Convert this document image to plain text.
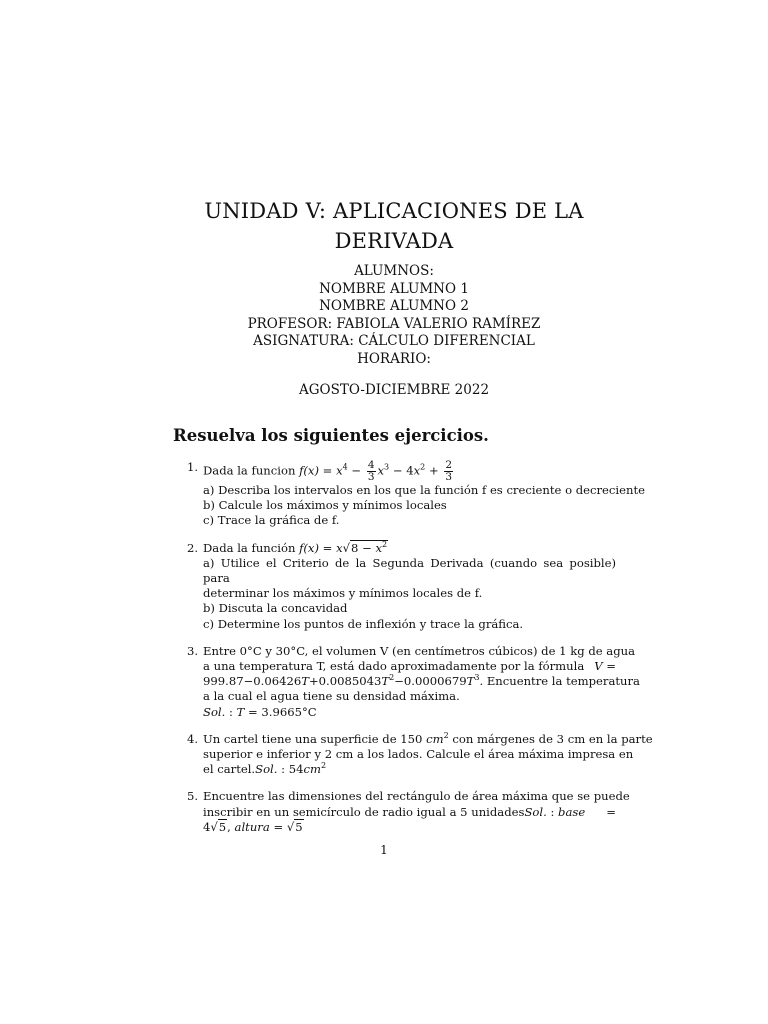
UNIDAD V: APLICACIONES DE LA
DERIVADA
ALUMNOS:
NOMBRE ALUMNO 1
NOMBRE ALUMNO 2
PROFESOR: FABIOLA VALERIO RAMÍREZ
ASIGNATURA: CÁLCULO DIFERENCIAL
HORARIO:
AGOSTO-DICIEMBRE 2022
Resuelva los siguientes ejercicios.
1. Dada la funcion $f(x) = x^4 - \frac{4}{3} x^3 - 4x^2 + \frac{2}{3}$
a) Describa los intervalos en los que la función f es creciente o decreciente
b) Calcule los máximos y mínimos locales
c) Trace la gráfica de f.
2. Dada la función $f(x) = x√8 - x^2$
a) Utilice el Criterio de la Segunda Derivada (cuando sea posible) para
determinar los máximos y mínimos locales de f.
b) Discuta la concavidad
c) Determine los puntos de inflexión y trace la gráfica.
3. Entre 0°C y 30°C, el volumen V (en centímetros cúbicos) de 1 kg de agua
a una temperatura T, está dado aproximadamente por la fórmula V =
$999.87-0.06426T+0.0085043T^2-0.0000679T^3$. Encuentre la temperatura
a la cual el agua tiene su densidad máxima.
Sol. : T = 3.9665°C
4. Un cartel tiene una superficie de 150 $cm^2$ con márgenes de 3 cm en la parte
superior e inferior y 2 cm a los lados. Calcule el área máxima impresa en
el cartel.Sol. : $54cm^2$
5. Encuentre las dimensiones del rectángulo de área máxima que se puede
inscribir en un semicírculo de radio igual a 5 unidadesSol. : base =
4√5, altura = √5
1
